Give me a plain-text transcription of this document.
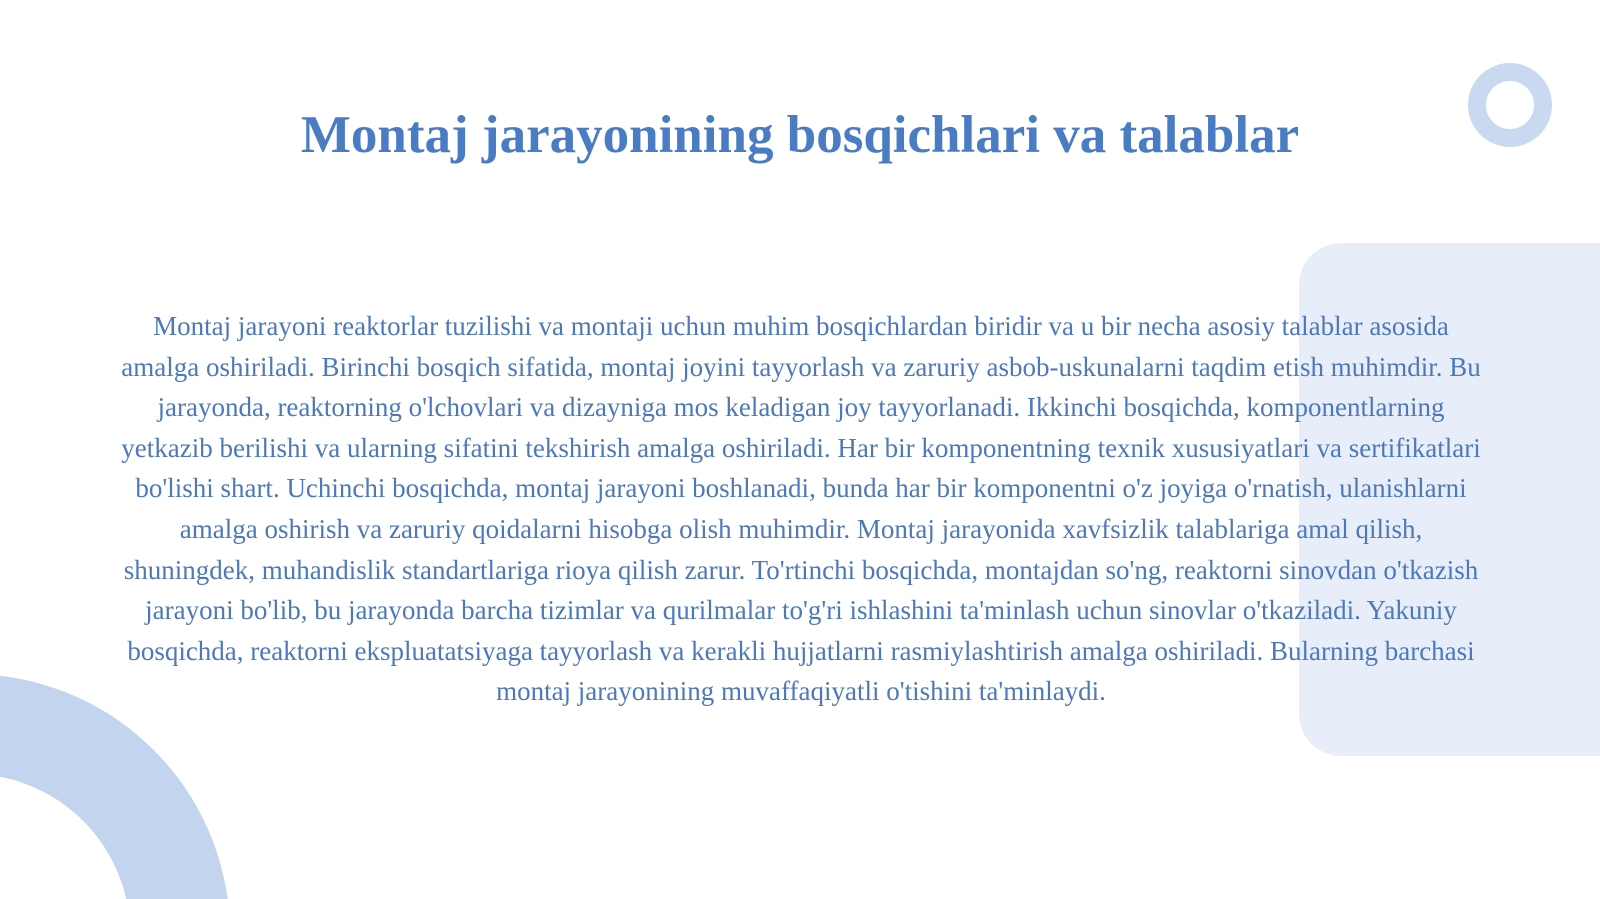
Montaj jarayonining bosqichlari va talablar

Montaj jarayoni reaktorlar tuzilishi va montaji uchun muhim bosqichlardan biridir va u bir necha asosiy talablar asosida amalga oshiriladi. Birinchi bosqich sifatida, montaj joyini tayyorlash va zaruriy asbob-uskunalarni taqdim etish muhimdir. Bu jarayonda, reaktorning o'lchovlari va dizayniga mos keladigan joy tayyorlanadi. Ikkinchi bosqichda, komponentlarning yetkazib berilishi va ularning sifatini tekshirish amalga oshiriladi. Har bir komponentning texnik xususiyatlari va sertifikatlari bo'lishi shart. Uchinchi bosqichda, montaj jarayoni boshlanadi, bunda har bir komponentni o'z joyiga o'rnatish, ulanishlarni amalga oshirish va zaruriy qoidalarni hisobga olish muhimdir. Montaj jarayonida xavfsizlik talablariga amal qilish, shuningdek, muhandislik standartlariga rioya qilish zarur. To'rtinchi bosqichda, montajdan so'ng, reaktorni sinovdan o'tkazish jarayoni bo'lib, bu jarayonda barcha tizimlar va qurilmalar to'g'ri ishlashini ta'minlash uchun sinovlar o'tkaziladi. Yakuniy bosqichda, reaktorni ekspluatatsiyaga tayyorlash va kerakli hujjatlarni rasmiylashtirish amalga oshiriladi. Bularning barchasi montaj jarayonining muvaffaqiyatli o'tishini ta'minlaydi.
